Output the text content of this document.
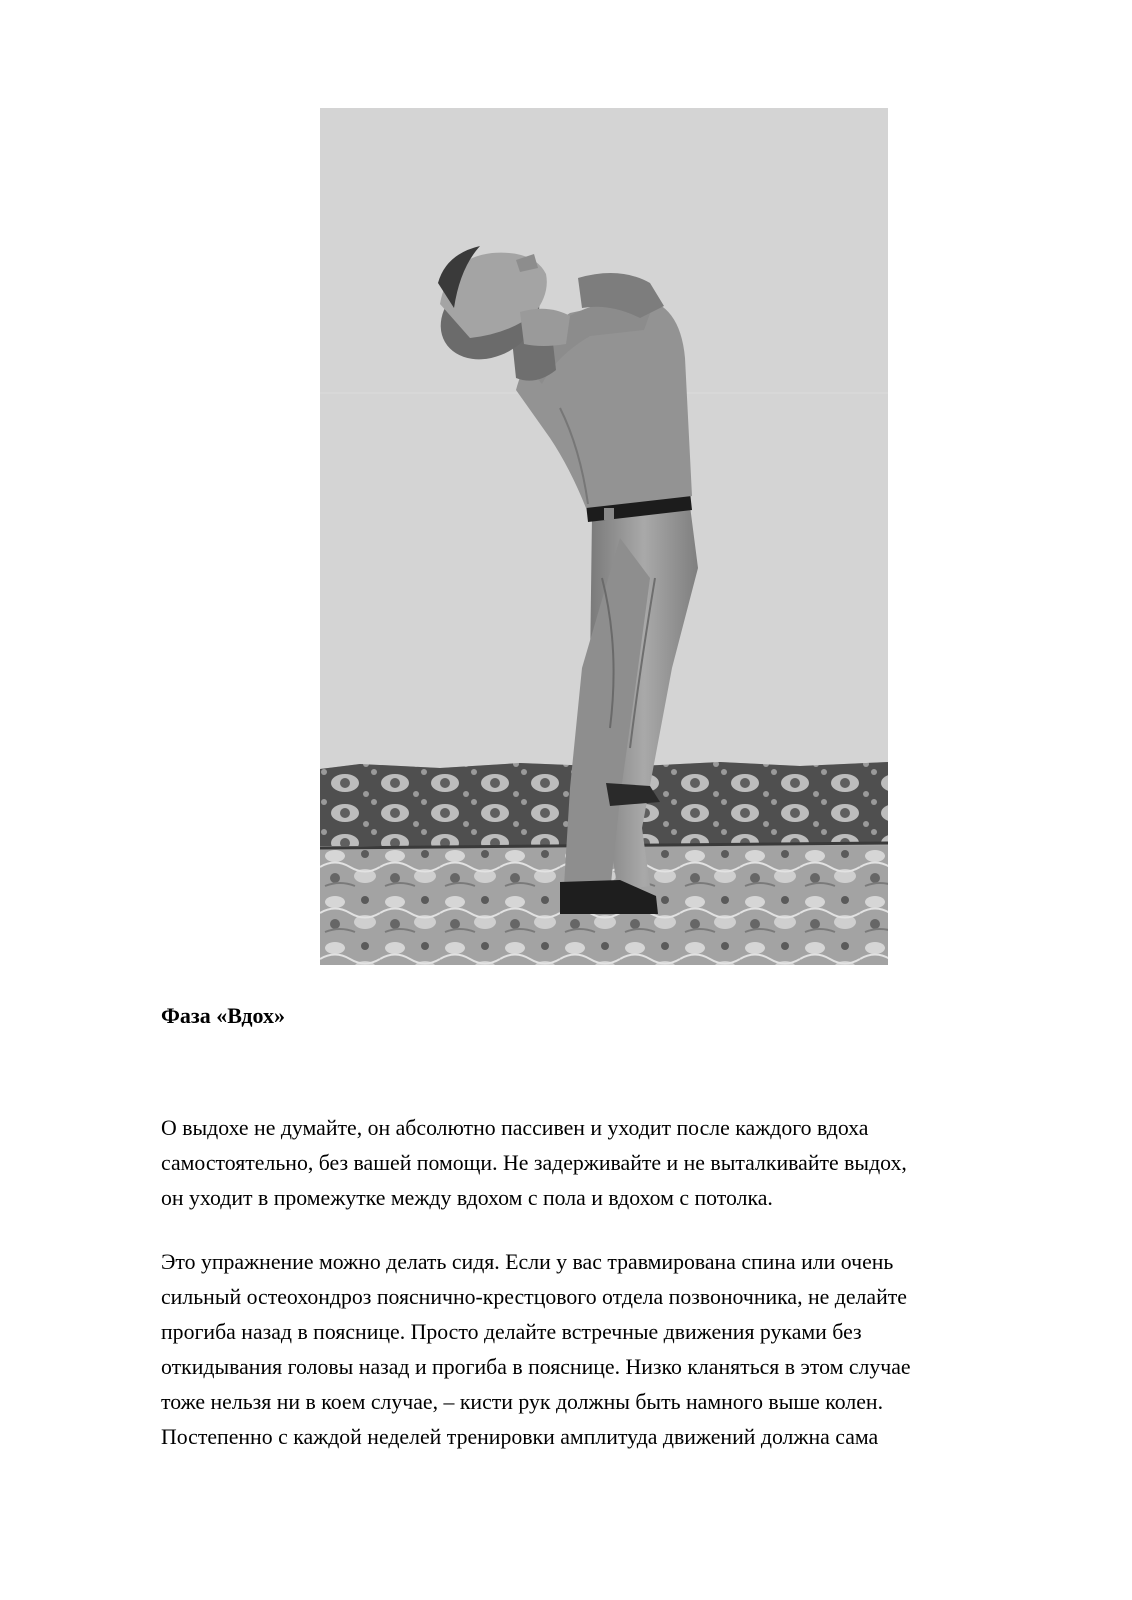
Фаза «Вдох»

О выдохе не думайте, он абсолютно пассивен и уходит после каждого вдоха
самостоятельно, без вашей помощи. Не задерживайте и не выталкивайте выдох,
он уходит в промежутке между вдохом с пола и вдохом с потолка.
Это упражнение можно делать сидя. Если у вас травмирована спина или очень
сильный остеохондроз пояснично-крестцового отдела позвоночника, не делайте
прогиба назад в пояснице. Просто делайте встречные движения руками без
откидывания головы назад и прогиба в пояснице. Низко кланяться в этом случае
тоже нельзя ни в коем случае, – кисти рук должны быть намного выше колен.
Постепенно с каждой неделей тренировки амплитуда движений должна сама
